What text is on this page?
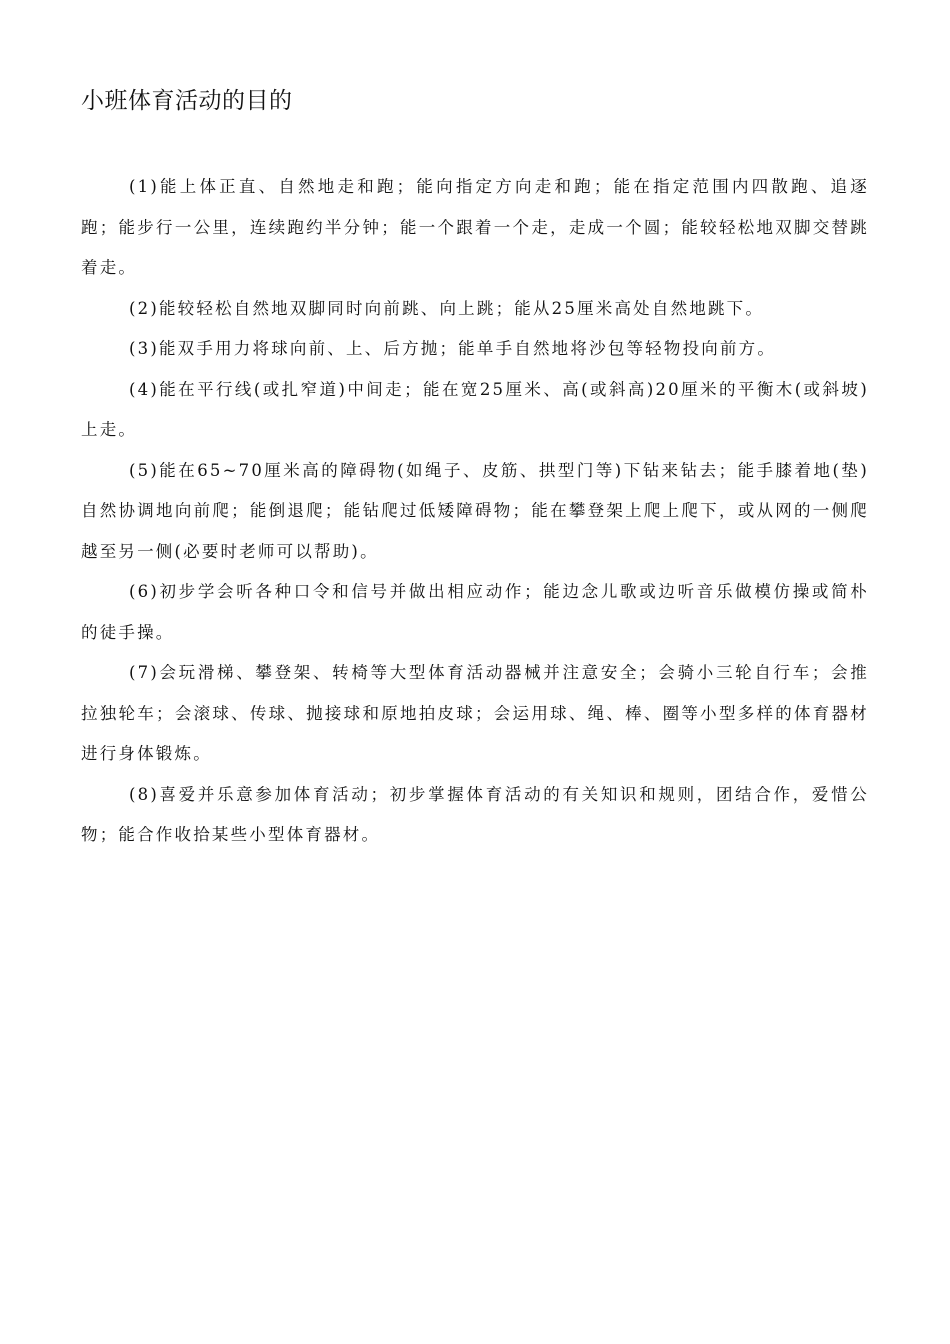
小班体育活动的目的

(1)能上体正直、自然地走和跑；能向指定方向走和跑；能在指定范围内四散跑、追逐跑；能步行一公里，连续跑约半分钟；能一个跟着一个走，走成一个圆；能较轻松地双脚交替跳着走。

(2)能较轻松自然地双脚同时向前跳、向上跳；能从25厘米高处自然地跳下。

(3)能双手用力将球向前、上、后方抛；能单手自然地将沙包等轻物投向前方。

(4)能在平行线(或扎窄道)中间走；能在宽25厘米、高(或斜高)20厘米的平衡木(或斜坡)上走。

(5)能在65~70厘米高的障碍物(如绳子、皮筋、拱型门等)下钻来钻去；能手膝着地(垫)自然协调地向前爬；能倒退爬；能钻爬过低矮障碍物；能在攀登架上爬上爬下，或从网的一侧爬越至另一侧(必要时老师可以帮助)。

(6)初步学会听各种口令和信号并做出相应动作；能边念儿歌或边听音乐做模仿操或简朴的徒手操。

(7)会玩滑梯、攀登架、转椅等大型体育活动器械并注意安全；会骑小三轮自行车；会推拉独轮车；会滚球、传球、抛接球和原地拍皮球；会运用球、绳、棒、圈等小型多样的体育器材进行身体锻炼。

(8)喜爱并乐意参加体育活动；初步掌握体育活动的有关知识和规则，团结合作，爱惜公物；能合作收拾某些小型体育器材。
